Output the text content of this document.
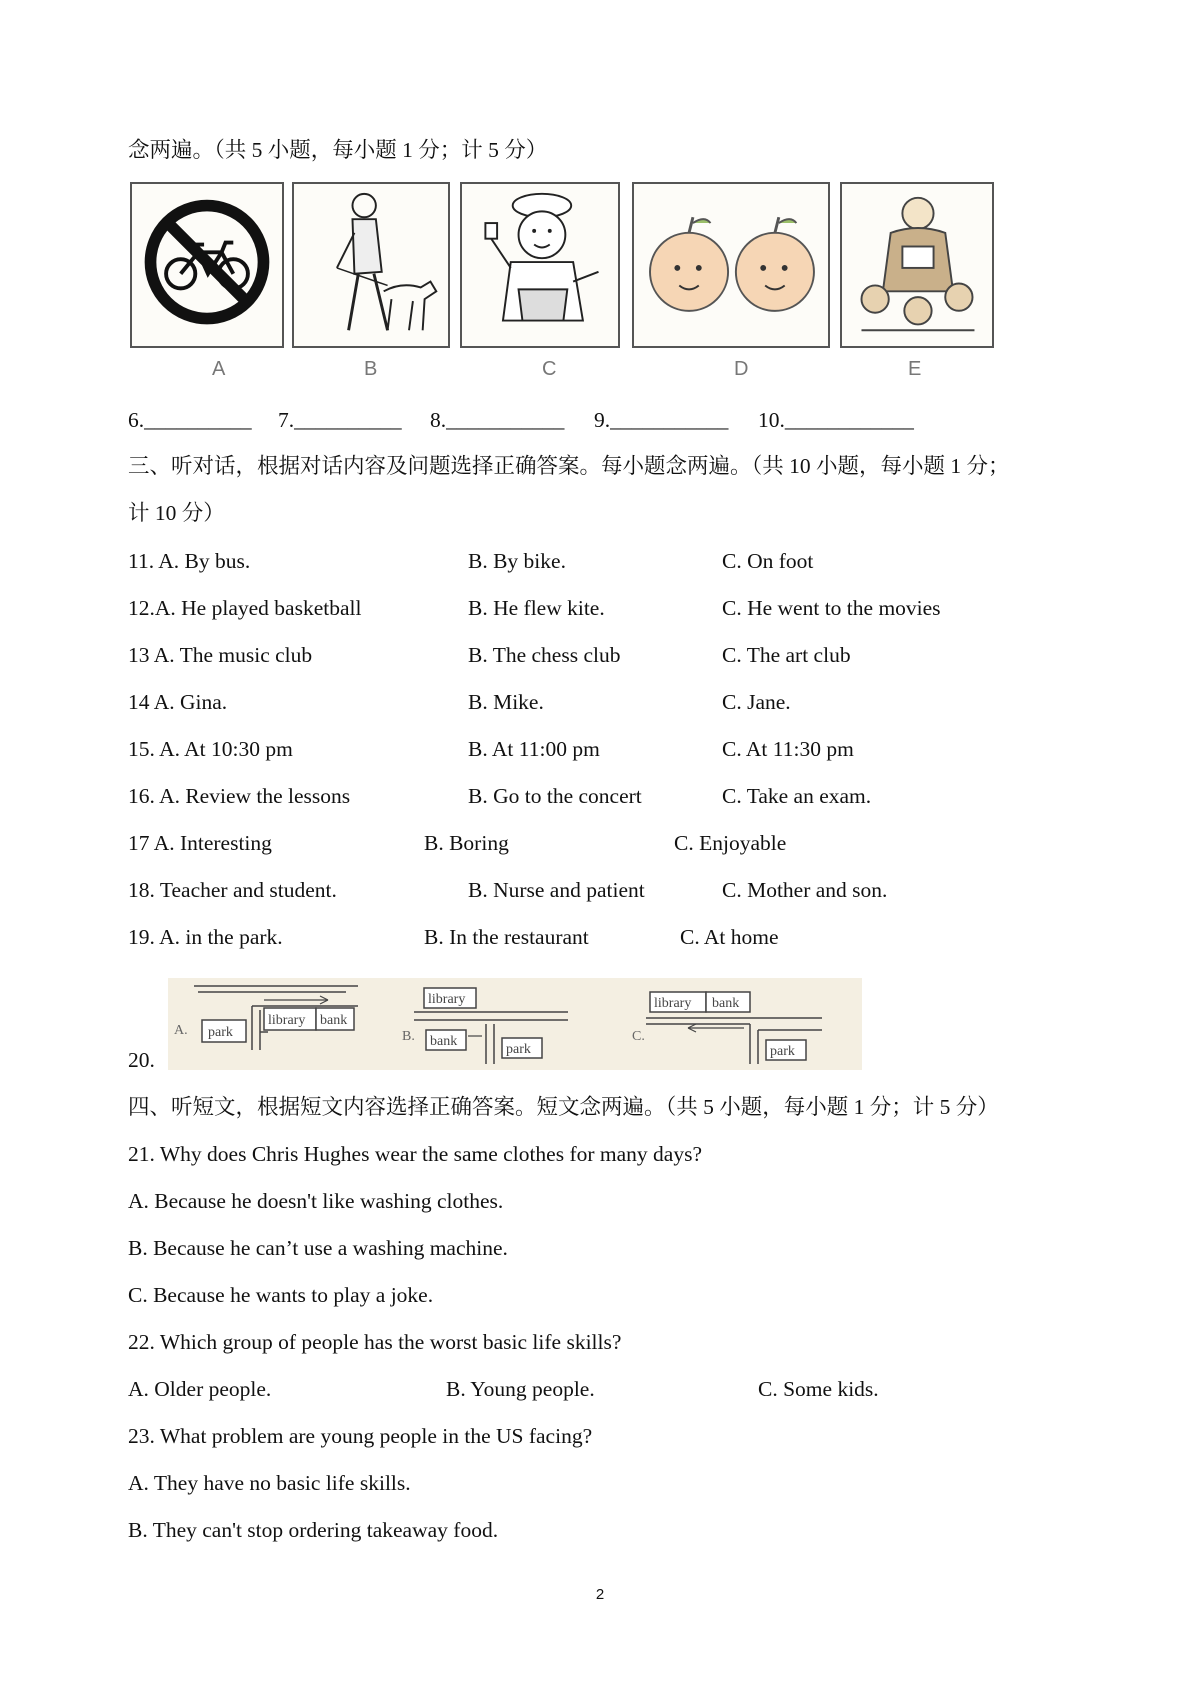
念两遍。（共 5 小题，每小题 1 分；计 5 分）
A	B	C	D	E
6.__________ 7.__________ 8.___________ 9.___________ 10.____________
三、听对话，根据对话内容及问题选择正确答案。每小题念两遍。（共 10 小题，每小题 1 分；
计 10 分）
11. A. By bus.	B. By bike.	C. On foot
12.A. He played basketball	B. He flew kite.	C. He went to the movies
13 A. The music club	B. The chess club	C. The art club
14 A. Gina.	B. Mike.	C. Jane.
15. A. At 10:30 pm	B. At 11:00 pm	C. At 11:30 pm
16. A. Review the lessons	B. Go to the concert	C. Take an exam.
17 A. Interesting	B. Boring	C. Enjoyable
18. Teacher and student.	B. Nurse and patient	C. Mother and son.
19. A. in the park.	B. In the restaurant	C. At home
20.
A. park
library bank
B.
library
bank
park
C.
library bank
park
四、听短文，根据短文内容选择正确答案。短文念两遍。（共 5 小题，每小题 1 分；计 5 分）
21. Why does Chris Hughes wear the same clothes for many days?
A. Because he doesn't like washing clothes.
B. Because he can’t use a washing machine.
C. Because he wants to play a joke.
22. Which group of people has the worst basic life skills?
A. Older people.	B. Young people.	C. Some kids.
23. What problem are young people in the US facing?
A. They have no basic life skills.
B. They can't stop ordering takeaway food.
2
